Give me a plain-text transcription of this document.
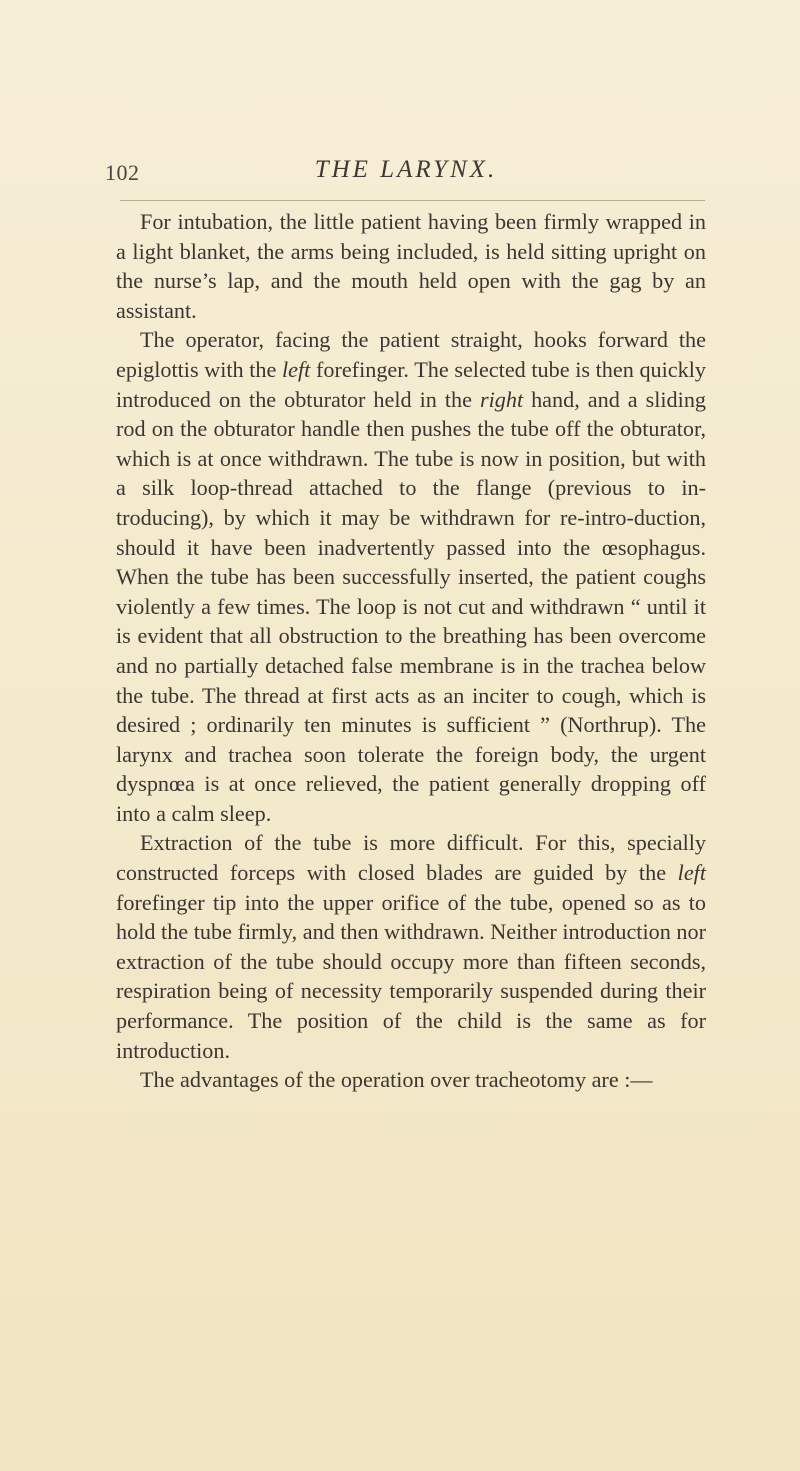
102	THE LARYNX.

For intubation, the little patient having been firmly wrapped in a light blanket, the arms being included, is held sitting upright on the nurse’s lap, and the mouth held open with the gag by an assistant.

The operator, facing the patient straight, hooks forward the epiglottis with the left forefinger. The selected tube is then quickly introduced on the obturator held in the right hand, and a sliding rod on the obturator handle then pushes the tube off the obturator, which is at once withdrawn. The tube is now in position, but with a silk loop-thread attached to the flange (previous to in-troducing), by which it may be withdrawn for re-intro-duction, should it have been inadvertently passed into the œsophagus. When the tube has been successfully inserted, the patient coughs violently a few times. The loop is not cut and withdrawn “ until it is evident that all obstruction to the breathing has been overcome and no partially detached false membrane is in the trachea below the tube. The thread at first acts as an inciter to cough, which is desired ; ordinarily ten minutes is sufficient ” (Northrup). The larynx and trachea soon tolerate the foreign body, the urgent dyspnœa is at once relieved, the patient generally dropping off into a calm sleep.

Extraction of the tube is more difficult. For this, specially constructed forceps with closed blades are guided by the left forefinger tip into the upper orifice of the tube, opened so as to hold the tube firmly, and then withdrawn. Neither introduction nor extraction of the tube should occupy more than fifteen seconds, respiration being of necessity temporarily suspended during their performance. The position of the child is the same as for introduction.

The advantages of the operation over tracheotomy are :—
